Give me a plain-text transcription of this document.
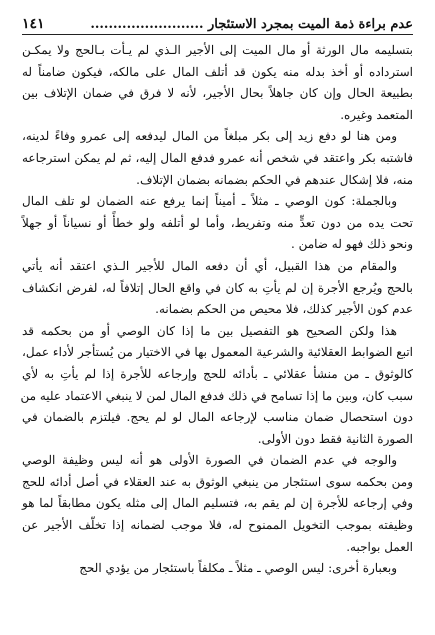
عدم براءة ذمة الميت بمجرد الاستئجار .........................
١٤١
بتسليمه مال الورثة أو مال الميت إلى الأجير الـذي لم يـأت بـالحج ولا يمكـن
استرداده أو أخذ بدله منه يكون قد أتلف المال على مالكه، فيكون ضامناً له
بطبيعة الحال وإن كان جاهلاً بحال الأجير، لأنه لا فرق في ضمان الإتلاف بين
المتعمد وغيره.
ومن هنا لو دفع زيد إلى بكر مبلغاً من المال ليدفعه إلى عمرو وفاءً لدينه،
فاشتبه بكر واعتقد في شخص أنه عمرو فدفع المال إليه، ثم لم يمكن استرجاعه
منه، فلا إشكال عندهم في الحكم بضمانه بضمان الإتلاف.
وبالجملة: كون الوصي ـ مثلاً ـ أميناً إنما يرفع عنه الضمان لو تلف المال
تحت يده من دون تعدٍّ منه وتفريط، وأما لو أتلفه ولو خطأً أو نسياناً أو جهلاً
ونحو ذلك فهو له ضامن .
والمقام من هذا القبيل، أي أن دفعه المال للأجير الـذي اعتقد أنه يأتي
بالحج ويُرجع الأجرة إن لم يأتِ به كان في واقع الحال إتلافاً له، لفرض انكشاف
عدم كون الأجير كذلك، فلا محيص من الحكم بضمانه.
هذا ولكن الصحيح هو التفصيل بين ما إذا كان الوصي أو من بحكمه قد
اتبع الضوابط العقلائية والشرعية المعمول بها في الاختيار من يُستأجر لأداء عمل،
كالوثوق ـ من منشأ عقلائي ـ بأدائه للحج وإرجاعه للأجرة إذا لم يأتِ به لأي
سبب كان، وبين ما إذا تسامح في ذلك فدفع المال لمن لا ينبغي الاعتماد عليه من
دون استحصال ضمان مناسب لإرجاعه المال لو لم يحج. فيلتزم بالضمان في
الصورة الثانية فقط دون الأولى.
والوجه في عدم الضمان في الصورة الأولى هو أنه ليس وظيفة الوصي
ومن بحكمه سوى استئجار من ينبغي الوثوق به عند العقلاء في أصل أدائه للحج
وفي إرجاعه للأجرة إن لم يقم به، فتسليم المال إلى مثله يكون مطابقاً لما هو
وظيفته بموجب التخويل الممنوح له، فلا موجب لضمانه إذا تخلّف الأجير عن
العمل بواجبه.
وبعبارة أخرى: ليس الوصي ـ مثلاً ـ مكلفاً باستئجار من يؤدي الحج
